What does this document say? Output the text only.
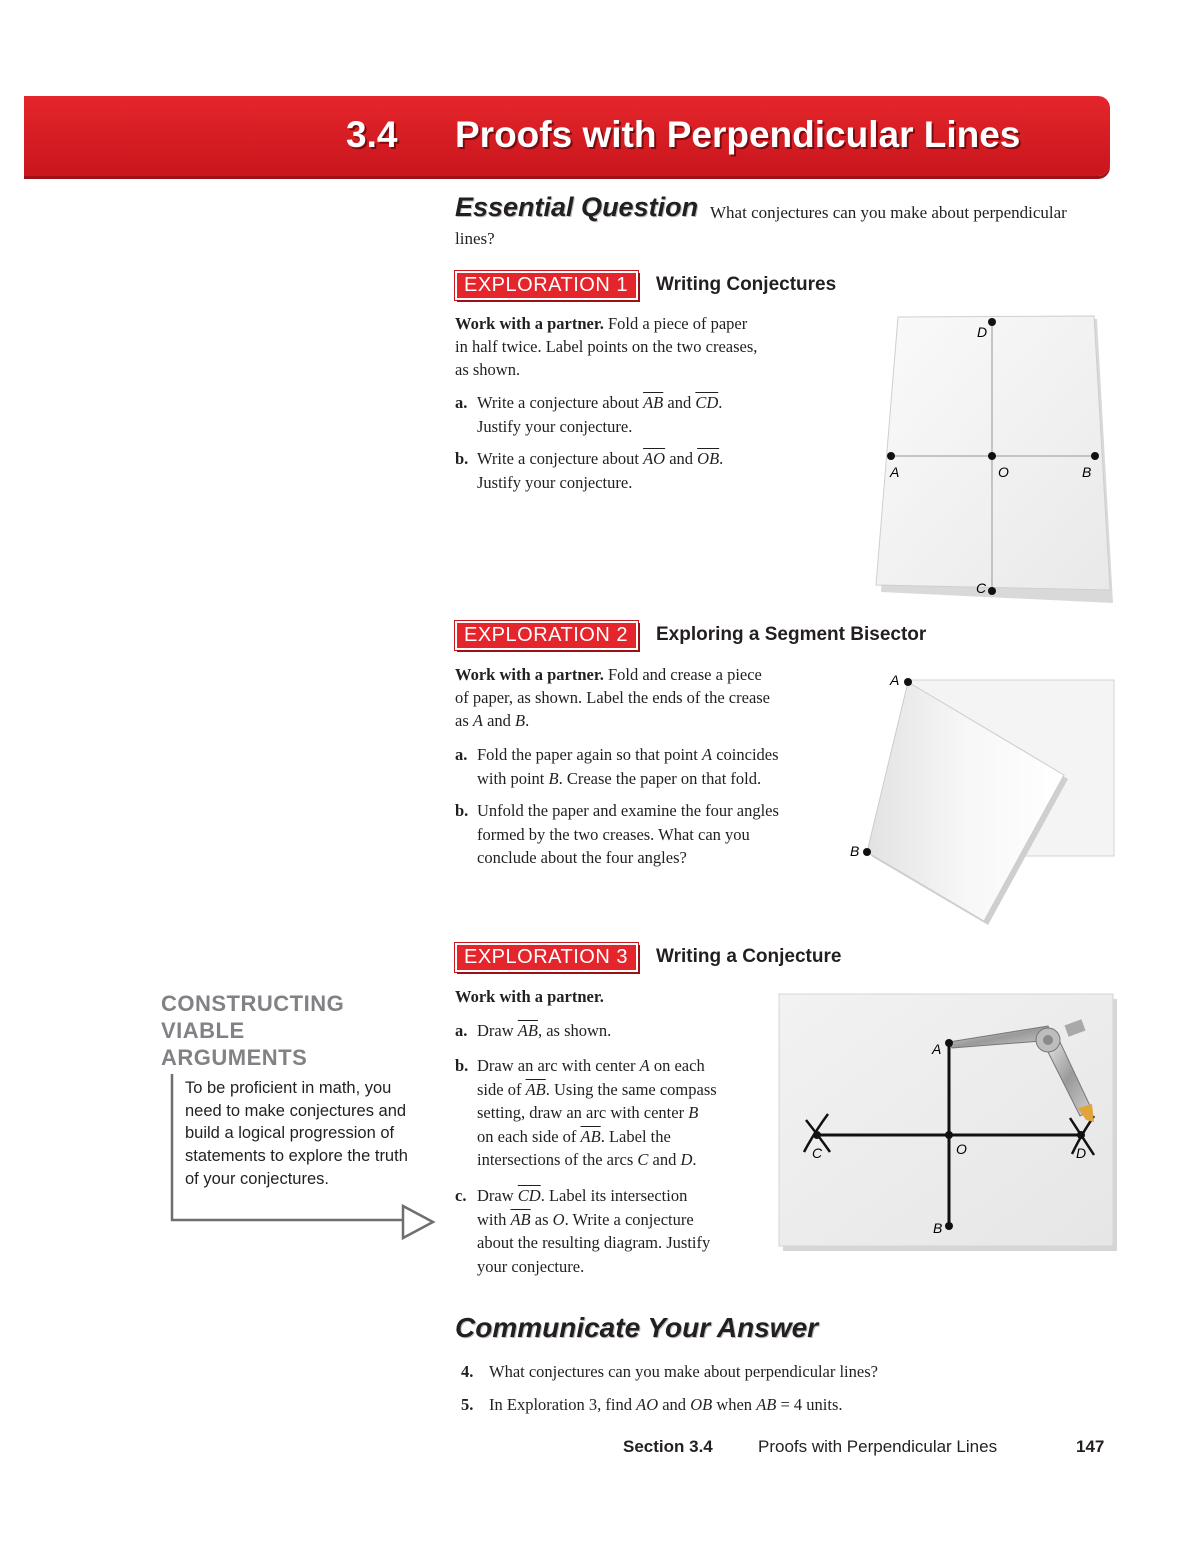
3.4 Proofs with Perpendicular Lines
What conjectures can you make about perpendicular lines?
Essential Question
EXPLORATION 1	Writing Conjectures
Work with a partner. Fold a piece of paper
in half twice. Label points on the two creases,
as shown.
a. Write a conjecture about $\overline{AB}$ and $\overline{CD}$.
Justify your conjecture.
b. Write a conjecture about $\overline{AO}$ and $\overline{OB}$.
Justify your conjecture.
D
A	O	B
C
EXPLORATION 2	Exploring a Segment Bisector
Work with a partner. Fold and crease a piece
of paper, as shown. Label the ends of the crease
as A and B.
a. Fold the paper again so that point A coincides
with point B. Crease the paper on that fold.
b. Unfold the paper and examine the four angles
formed by the two creases. What can you
conclude about the four angles?
A
B
EXPLORATION 3	Writing a Conjecture
Work with a partner.
a. Draw $\overline{AB}$, as shown.
b. Draw an arc with center A on each
side of $\overline{AB}$. Using the same compass
setting, draw an arc with center B
on each side of $\overline{AB}$. Label the
intersections of the arcs C and D.
c. Draw $\overline{CD}$. Label its intersection
with $\overline{AB}$ as O. Write a conjecture
about the resulting diagram. Justify
your conjecture.
A
O
B
C	D
CONSTRUCTING
VIABLE
ARGUMENTS
To be proficient in math, you need to make conjectures and build a logical progression of statements to explore the truth of your conjectures.
Communicate Your Answer
4. What conjectures can you make about perpendicular lines?
5. In Exploration 3, find AO and OB when AB = 4 units.
Section 3.4	Proofs with Perpendicular Lines	147
